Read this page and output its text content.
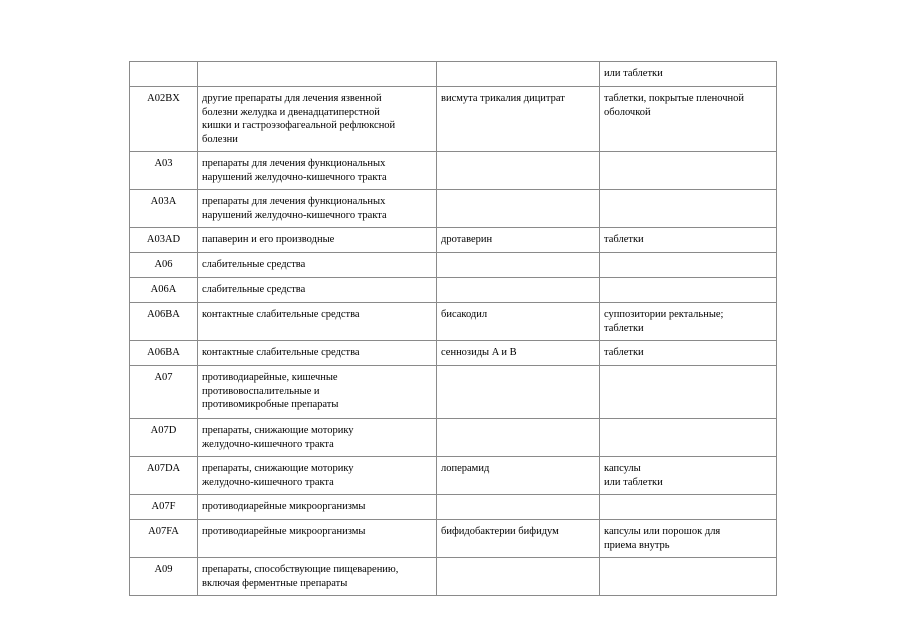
			или таблетки

A02BX	другие препараты для лечения язвенной
болезни желудка и двенадцатиперстной
кишки и гастроэзофагеальной рефлюксной
болезни	висмута трикалия дицитрат	таблетки, покрытые пленочной
оболочкой

A03	препараты для лечения функциональных
нарушений желудочно-кишечного тракта		

A03A	препараты для лечения функциональных
нарушений желудочно-кишечного тракта		

A03AD	папаверин и его производные	дротаверин	таблетки

A06	слабительные средства		

A06A	слабительные средства		

A06BA	контактные слабительные средства	бисакодил	суппозитории ректальные;
таблетки

A06BA	контактные слабительные средства	сеннозиды A и B	таблетки

A07	противодиарейные, кишечные
противовоспалительные и
противомикробные препараты		

A07D	препараты, снижающие моторику
желудочно-кишечного тракта		

A07DA	препараты, снижающие моторику
желудочно-кишечного тракта	лоперамид	капсулы
или таблетки

A07F	противодиарейные микроорганизмы		

A07FA	противодиарейные микроорганизмы	бифидобактерии бифидум	капсулы или порошок для
приема внутрь

A09	препараты, способствующие пищеварению,
включая ферментные препараты		
